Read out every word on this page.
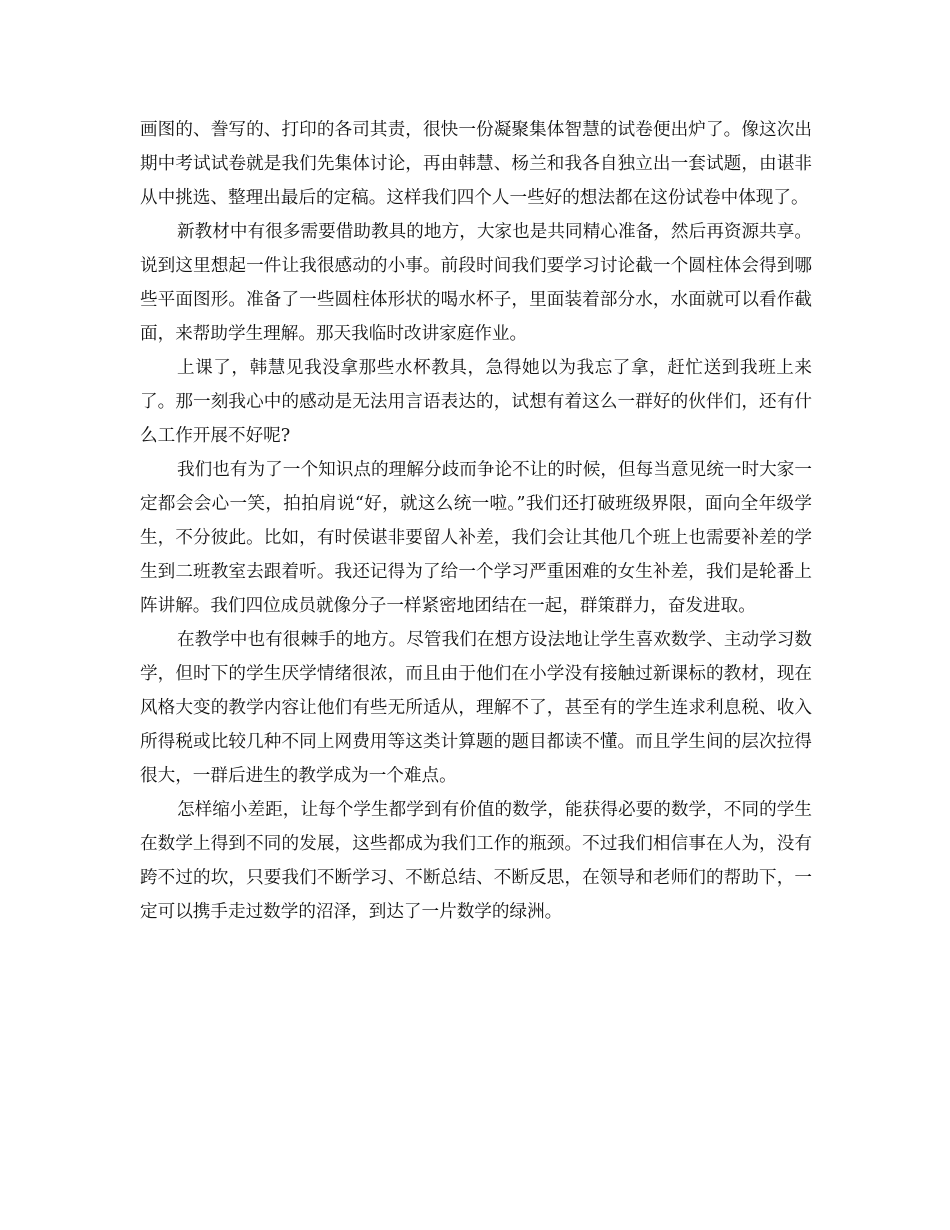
画图的、誊写的、打印的各司其责，很快一份凝聚集体智慧的试卷便出炉了。像这次出期中考试试卷就是我们先集体讨论，再由韩慧、杨兰和我各自独立出一套试题，由谌非从中挑选、整理出最后的定稿。这样我们四个人一些好的想法都在这份试卷中体现了。

新教材中有很多需要借助教具的地方，大家也是共同精心准备，然后再资源共享。说到这里想起一件让我很感动的小事。前段时间我们要学习讨论截一个圆柱体会得到哪些平面图形。准备了一些圆柱体形状的喝水杯子，里面装着部分水，水面就可以看作截面，来帮助学生理解。那天我临时改讲家庭作业。

上课了，韩慧见我没拿那些水杯教具，急得她以为我忘了拿，赶忙送到我班上来了。那一刻我心中的感动是无法用言语表达的，试想有着这么一群好的伙伴们，还有什么工作开展不好呢?

我们也有为了一个知识点的理解分歧而争论不让的时候，但每当意见统一时大家一定都会会心一笑，拍拍肩说“好，就这么统一啦。”我们还打破班级界限，面向全年级学生，不分彼此。比如，有时侯谌非要留人补差，我们会让其他几个班上也需要补差的学生到二班教室去跟着听。我还记得为了给一个学习严重困难的女生补差，我们是轮番上阵讲解。我们四位成员就像分子一样紧密地团结在一起，群策群力，奋发进取。

在教学中也有很棘手的地方。尽管我们在想方设法地让学生喜欢数学、主动学习数学，但时下的学生厌学情绪很浓，而且由于他们在小学没有接触过新课标的教材，现在风格大变的教学内容让他们有些无所适从，理解不了，甚至有的学生连求利息税、收入所得税或比较几种不同上网费用等这类计算题的题目都读不懂。而且学生间的层次拉得很大，一群后进生的教学成为一个难点。

怎样缩小差距，让每个学生都学到有价值的数学，能获得必要的数学，不同的学生在数学上得到不同的发展，这些都成为我们工作的瓶颈。不过我们相信事在人为，没有跨不过的坎，只要我们不断学习、不断总结、不断反思，在领导和老师们的帮助下，一定可以携手走过数学的沼泽，到达了一片数学的绿洲。
